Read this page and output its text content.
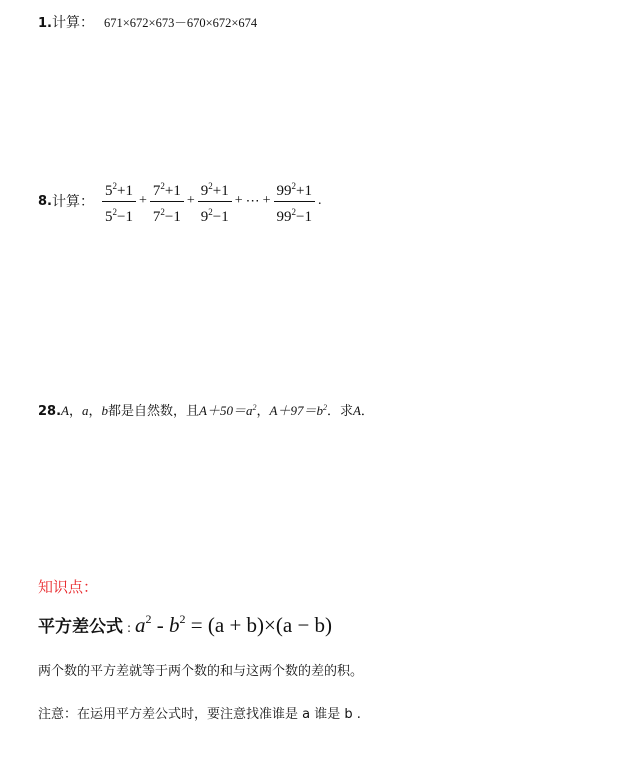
1.计算： 671×672×673－670×672×674
8. 计算： $\frac{5^2+1}{5^2-1} + \frac{7^2+1}{7^2-1} + \frac{9^2+1}{9^2-1}$ + ⋯ + $\frac{99^2+1}{99^2-1}$ .
28.A，a，b都是自然数，且$A+50=a^2$，$A+97=b^2$．求A．
知识点：
平方差公式 : $a^2 - b^2 = (a + b)\times(a - b)$
两个数的平方差就等于两个数的和与这两个数的差的积。
注意：在运用平方差公式时，要注意找准谁是 a 谁是 b .
